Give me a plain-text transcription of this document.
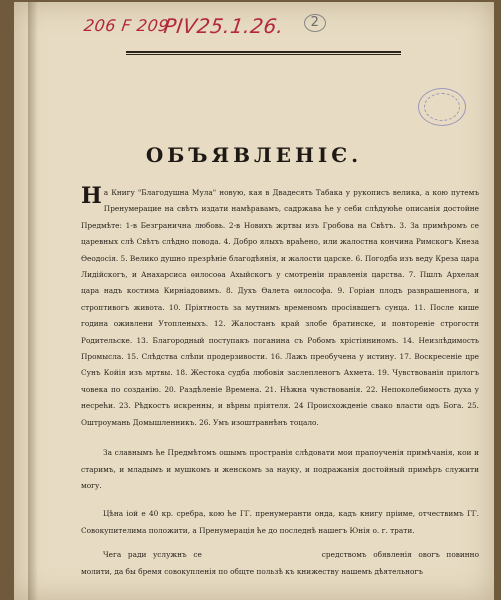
206 F 209
PIV25.1.26.	2
ОБЪЯВЛЕНІЄ.

На Книгу "Благодушна Мула" новую, кая в Двадесять Табака у рукописъ велика, а кою путемъ Пренумерацие на свѣтъ издати намѣравамъ, садржава ће у себи слѣдуюће описанія достойне Предмѣте: 1-в Безгранична любовь. 2-в Новихъ жртвы изъ Гробова на Свѣтъ. 3. За примѣромъ се царевных слѣ Свѣтъ слѣдно повода. 4. Добро ялыхъ враћено, или жалостна кончина Римскогъ Кнеза Ѳеодосія. 5. Велико душно презрѣніе благодѣянія, и жалости царске. 6. Погодба изъ веду Креза цара Лидійскогъ, и Анахарсиса ѳилосоѳа Ахыйскогъ у смотреніи правленія царства. 7. Пшлъ Архелая цара надъ костима Кирніадовимъ. 8. Духъ Ѳалета ѳилософа. 9. Горіан плодъ разврашеннога, и строптивогъ живота. 10. Пріятность за мутнимъ временомъ просіявшегъ сунца. 11. После кише година оживлени Утопленыхъ. 12. Жалостанъ край злобе братинске, и повтореніе строгостн Родительске. 13. Благородный поступакъ поганина съ Робомъ хрістіяниномъ. 14. Неизлѣдимость Промысла. 15. Слѣдства слѣпи продерзивости. 16. Лажъ преобучена у истину. 17. Воскресеніе цре Сунъ Койія изъ мртвы. 18. Жестока судба любовія заслепленогъ Ахмета. 19. Чувствованія прилогъ човека по созданію. 20. Раздѣленіе Времена. 21. Нѣжна чувствованія. 22. Непоколебимость духа у несрећи. 23. Рѣдкостъ искренны, и вѣрны пріятеля. 24 Происхожденіе свако власти одъ Бога. 25. Оштроумань Домышленникъ. 26. Умъ изоштравнѣнъ тоцало.

За славнымъ ће Предмѣтомъ ошымъ пространія слѣдовати мои прапоученія примѣчанія, кои и старимъ, и младымъ и мушкомъ и женскомъ за науку, и подражанія достойный примѣръ служити могу.

Цѣна іой е 40 кр. сребра, кою ће ГГ. пренумеранти онда, кадъ книгу пріиме, отчествимъ ГГ. Совокупителима положити, а Пренумерація ће до последнѣ нашегъ Юнія о. г. трати.

Чега ради услужнъ се	средствомъ обявленія овогъ повинно молити, да бы бремя совокупленія по общте пользѣ къ книжеству нашемъ дѣятельногъ
